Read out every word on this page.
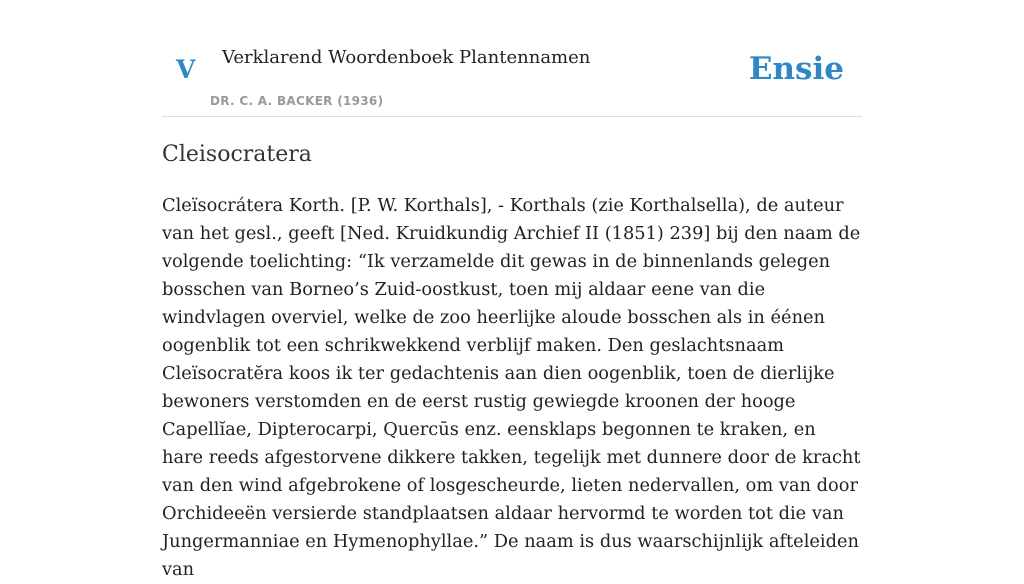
V Verklarend Woordenboek Plantennamen
DR. C. A. BACKER (1936)
Ensie
Cleisocratera

Cleïsocrátera Korth. [P. W. Korthals], - Korthals (zie Korthalsella), de auteur van het gesl., geeft [Ned. Kruidkundig Archief II (1851) 239] bij den naam de volgende toelichting: “Ik verzamelde dit gewas in de binnenlands gelegen bosschen van Borneo’s Zuid-oostkust, toen mij aldaar eene van die windvlagen overviel, welke de zoo heerlijke aloude bosschen als in éénen oogenblik tot een schrikwekkend verblijf maken. Den geslachtsnaam Cleïsocratĕra koos ik ter gedachtenis aan dien oogenblik, toen de dierlijke bewoners verstomden en de eerst rustig gewiegde kroonen der hooge Capellĭae, Dipterocarpi, Quercūs enz. eensklaps begonnen te kraken, en hare reeds afgestorvene dikkere takken, tegelijk met dunnere door de kracht van den wind afgebrokene of losgescheurde, lieten nedervallen, om van door Orchideeën versierde standplaatsen aldaar hervormd te worden tot die van Jungermanniae en Hymenophyllae.” De naam is dus waarschijnlijk afteleiden van
